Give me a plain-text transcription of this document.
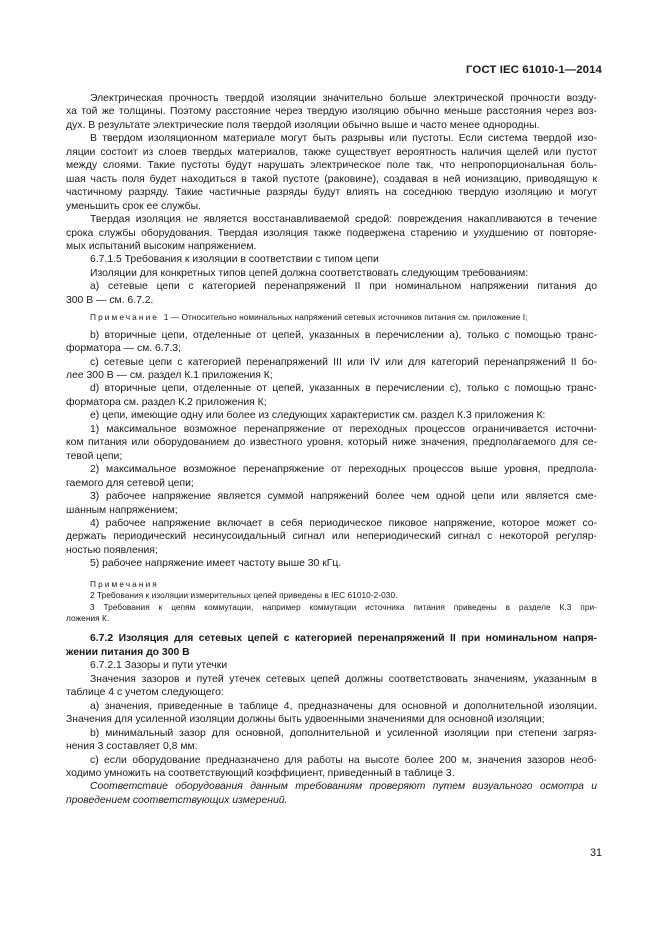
ГОСТ IEC 61010-1—2014

Электрическая прочность твердой изоляции значительно больше электрической прочности возду-
ха той же толщины. Поэтому расстояние через твердую изоляцию обычно меньше расстояния через воз-
дух. В результате электрические поля твердой изоляции обычно выше и часто менее однородны.

В твердом изоляционном материале могут быть разрывы или пустоты. Если система твердой изо-
ляции состоит из слоев твердых материалов, также существует вероятность наличия щелей или пустот
между слоями. Такие пустоты будут нарушать электрическое поле так, что непропорциональная боль-
шая часть поля будет находиться в такой пустоте (раковине), создавая в ней ионизацию, приводящую к
частичному разряду. Такие частичные разряды будут влиять на соседнюю твердую изоляцию и могут
уменьшить срок ее службы.

Твердая изоляция не является восстанавливаемой средой: повреждения накапливаются в течение
срока службы оборудования. Твердая изоляция также подвержена старению и ухудшению от повторяе-
мых испытаний высоким напряжением.

6.7.1.5 Требования к изоляции в соответствии с типом цепи

Изоляции для конкретных типов цепей должна соответствовать следующим требованиям:

а) сетевые цепи с категорией перенапряжений II при номинальном напряжении питания до
300 В — см. 6.7.2.

Примечание 1 — Относительно номинальных напряжений сетевых источников питания см. приложение I;

b) вторичные цепи, отделенные от цепей, указанных в перечислении а), только с помощью транс-
форматора — см. 6.7.3;

c) сетевые цепи с категорией перенапряжений III или IV или для категорий перенапряжений II бо-
лее 300 В — см. раздел К.1 приложения К;

d) вторичные цепи, отделенные от цепей, указанных в перечислении c), только с помощью транс-
форматора см. раздел К.2 приложения К;

е) цепи, имеющие одну или более из следующих характеристик см. раздел К.3 приложения К:

1) максимальное возможное перенапряжение от переходных процессов ограничивается источни-
ком питания или оборудованием до известного уровня, который ниже значения, предполагаемого для се-
тевой цепи;

2) максимальное возможное перенапряжение от переходных процессов выше уровня, предпола-
гаемого для сетевой цепи;

3) рабочее напряжение является суммой напряжений более чем одной цепи или является сме-
шанным напряжением;

4) рабочее напряжение включает в себя периодическое пиковое напряжение, которое может со-
держать периодический несинусоидальный сигнал или непериодический сигнал с некоторой регуляр-
ностью появления;

5) рабочее напряжение имеет частоту выше 30 кГц.

Примечания
2 Требования к изоляции измерительных цепей приведены в IEC 61010-2-030.
3 Требования к цепям коммутации, например коммутации источника питания приведены в разделе К.3 при-
ложения К.

6.7.2 Изоляция для сетевых цепей с категорией перенапряжений II при номинальном напря-
жении питания до 300 В

6.7.2.1 Зазоры и пути утечки

Значения зазоров и путей утечек сетевых цепей должны соответствовать значениям, указанным в
таблице 4 с учетом следующего:

а) значения, приведенные в таблице 4, предназначены для основной и дополнительной изоляции.
Значения для усиленной изоляции должны быть удвоенными значениями для основной изоляции;

b) минимальный зазор для основной, дополнительной и усиленной изоляции при степени загряз-
нения 3 составляет 0,8 мм:

c) если оборудование предназначено для работы на высоте более 200 м, значения зазоров необ-
ходимо умножить на соответствующий коэффициент, приведенный в таблице 3.

Соответствие оборудования данным требованиям проверяют путем визуального осмотра и
проведением соответствующих измерений.

31
